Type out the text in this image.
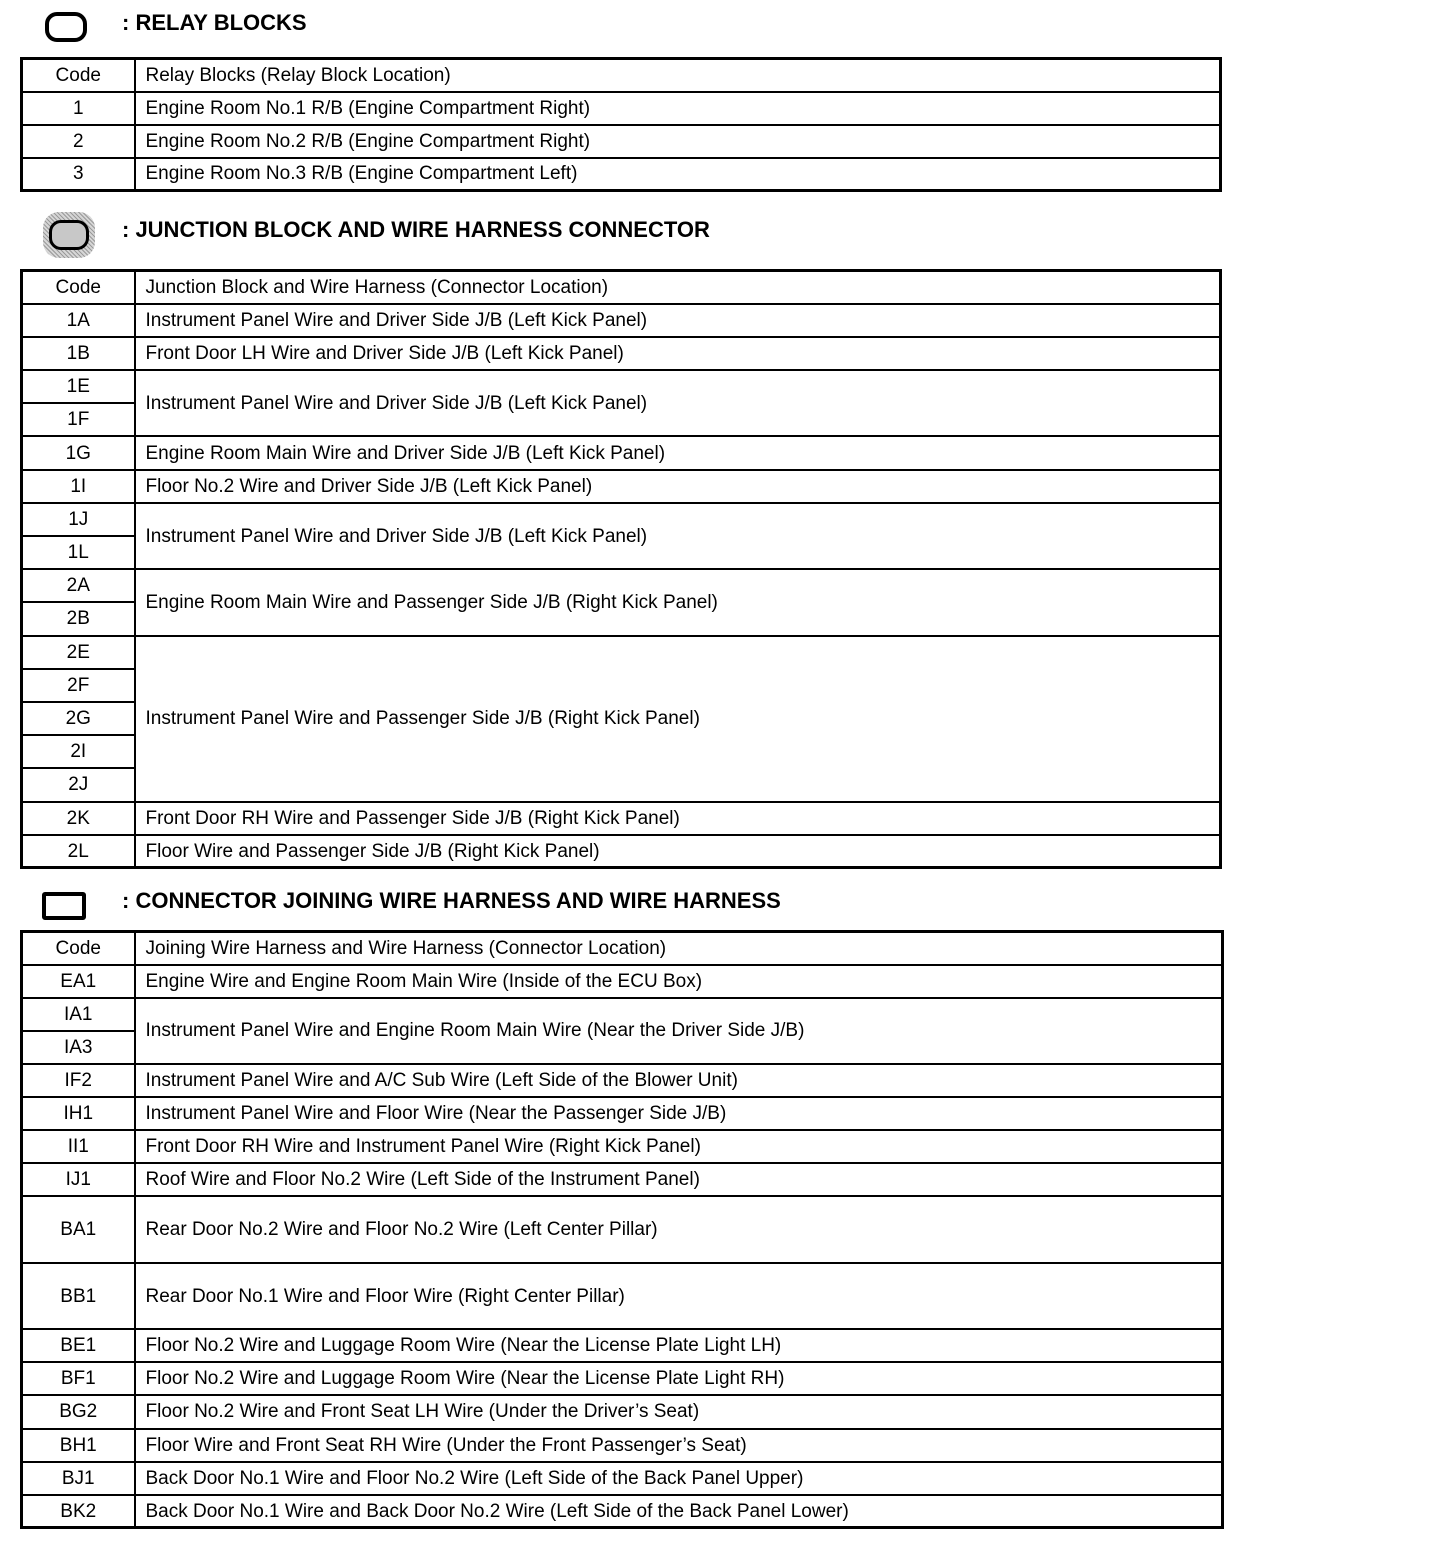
: RELAY BLOCKS
Code	Relay Blocks (Relay Block Location)
1	Engine Room No.1 R/B (Engine Compartment Right)
2	Engine Room No.2 R/B (Engine Compartment Right)
3	Engine Room No.3 R/B (Engine Compartment Left)
: JUNCTION BLOCK AND WIRE HARNESS CONNECTOR
Code	Junction Block and Wire Harness (Connector Location)
1A	Instrument Panel Wire and Driver Side J/B (Left Kick Panel)
1B	Front Door LH Wire and Driver Side J/B (Left Kick Panel)
1E	Instrument Panel Wire and Driver Side J/B (Left Kick Panel)
1F	
1G	Engine Room Main Wire and Driver Side J/B (Left Kick Panel)
1I	Floor No.2 Wire and Driver Side J/B (Left Kick Panel)
1J	Instrument Panel Wire and Driver Side J/B (Left Kick Panel)
1L	
2A	Engine Room Main Wire and Passenger Side J/B (Right Kick Panel)
2B	
2E	Instrument Panel Wire and Passenger Side J/B (Right Kick Panel)
2F	
2G	
2I	
2J	
2K	Front Door RH Wire and Passenger Side J/B (Right Kick Panel)
2L	Floor Wire and Passenger Side J/B (Right Kick Panel)
: CONNECTOR JOINING WIRE HARNESS AND WIRE HARNESS
Code	Joining Wire Harness and Wire Harness (Connector Location)
EA1	Engine Wire and Engine Room Main Wire (Inside of the ECU Box)
IA1	Instrument Panel Wire and Engine Room Main Wire (Near the Driver Side J/B)
IA3	
IF2	Instrument Panel Wire and A/C Sub Wire (Left Side of the Blower Unit)
IH1	Instrument Panel Wire and Floor Wire (Near the Passenger Side J/B)
II1	Front Door RH Wire and Instrument Panel Wire (Right Kick Panel)
IJ1	Roof Wire and Floor No.2 Wire (Left Side of the Instrument Panel)
BA1	Rear Door No.2 Wire and Floor No.2 Wire (Left Center Pillar)
BB1	Rear Door No.1 Wire and Floor Wire (Right Center Pillar)
BE1	Floor No.2 Wire and Luggage Room Wire (Near the License Plate Light LH)
BF1	Floor No.2 Wire and Luggage Room Wire (Near the License Plate Light RH)
BG2	Floor No.2 Wire and Front Seat LH Wire (Under the Driver’s Seat)
BH1	Floor Wire and Front Seat RH Wire (Under the Front Passenger’s Seat)
BJ1	Back Door No.1 Wire and Floor No.2 Wire (Left Side of the Back Panel Upper)
BK2	Back Door No.1 Wire and Back Door No.2 Wire (Left Side of the Back Panel Lower)
